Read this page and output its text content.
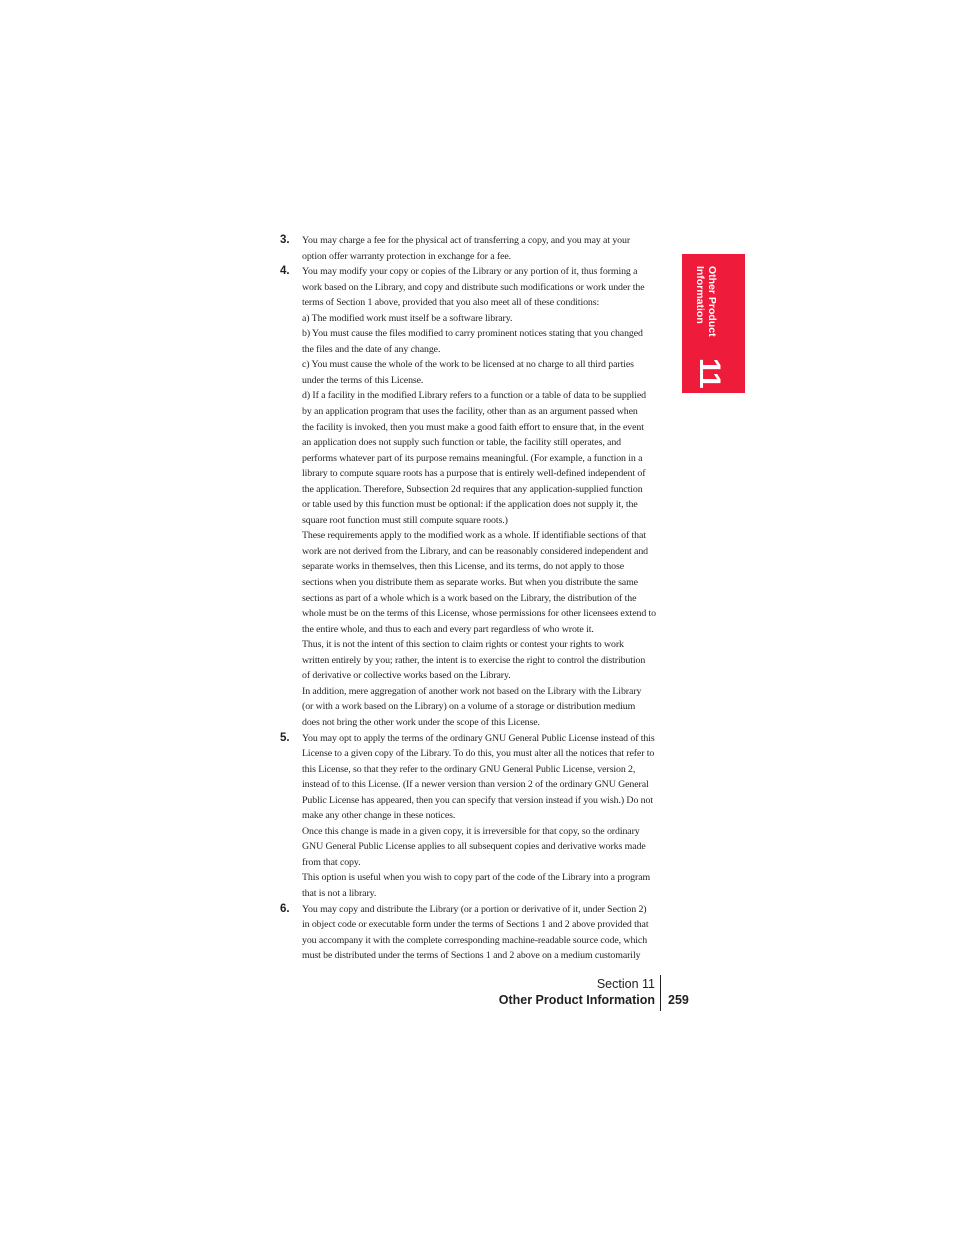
Other Product
Information
11
3. You may charge a fee for the physical act of transferring a copy, and you may at your

option offer warranty protection in exchange for a fee.

4. You may modify your copy or copies of the Library or any portion of it, thus forming a

work based on the Library, and copy and distribute such modifications or work under the

terms of Section 1 above, provided that you also meet all of these conditions:

a) The modified work must itself be a software library.

b) You must cause the files modified to carry prominent notices stating that you changed

the files and the date of any change.

c) You must cause the whole of the work to be licensed at no charge to all third parties

under the terms of this License.

d) If a facility in the modified Library refers to a function or a table of data to be supplied

by an application program that uses the facility, other than as an argument passed when

the facility is invoked, then you must make a good faith effort to ensure that, in the event

an application does not supply such function or table, the facility still operates, and

performs whatever part of its purpose remains meaningful. (For example, a function in a

library to compute square roots has a purpose that is entirely well-defined independent of

the application. Therefore, Subsection 2d requires that any application-supplied function

or table used by this function must be optional: if the application does not supply it, the

square root function must still compute square roots.)

These requirements apply to the modified work as a whole. If identifiable sections of that

work are not derived from the Library, and can be reasonably considered independent and

separate works in themselves, then this License, and its terms, do not apply to those

sections when you distribute them as separate works. But when you distribute the same

sections as part of a whole which is a work based on the Library, the distribution of the

whole must be on the terms of this License, whose permissions for other licensees extend to

the entire whole, and thus to each and every part regardless of who wrote it.

Thus, it is not the intent of this section to claim rights or contest your rights to work

written entirely by you; rather, the intent is to exercise the right to control the distribution

of derivative or collective works based on the Library.

In addition, mere aggregation of another work not based on the Library with the Library

(or with a work based on the Library) on a volume of a storage or distribution medium

does not bring the other work under the scope of this License.

5. You may opt to apply the terms of the ordinary GNU General Public License instead of this

License to a given copy of the Library. To do this, you must alter all the notices that refer to

this License, so that they refer to the ordinary GNU General Public License, version 2,

instead of to this License. (If a newer version than version 2 of the ordinary GNU General

Public License has appeared, then you can specify that version instead if you wish.) Do not

make any other change in these notices.

Once this change is made in a given copy, it is irreversible for that copy, so the ordinary

GNU General Public License applies to all subsequent copies and derivative works made

from that copy.

This option is useful when you wish to copy part of the code of the Library into a program

that is not a library.

6. You may copy and distribute the Library (or a portion or derivative of it, under Section 2)

in object code or executable form under the terms of Sections 1 and 2 above provided that

you accompany it with the complete corresponding machine-readable source code, which

must be distributed under the terms of Sections 1 and 2 above on a medium customarily

Section 11
Other Product Information 259
